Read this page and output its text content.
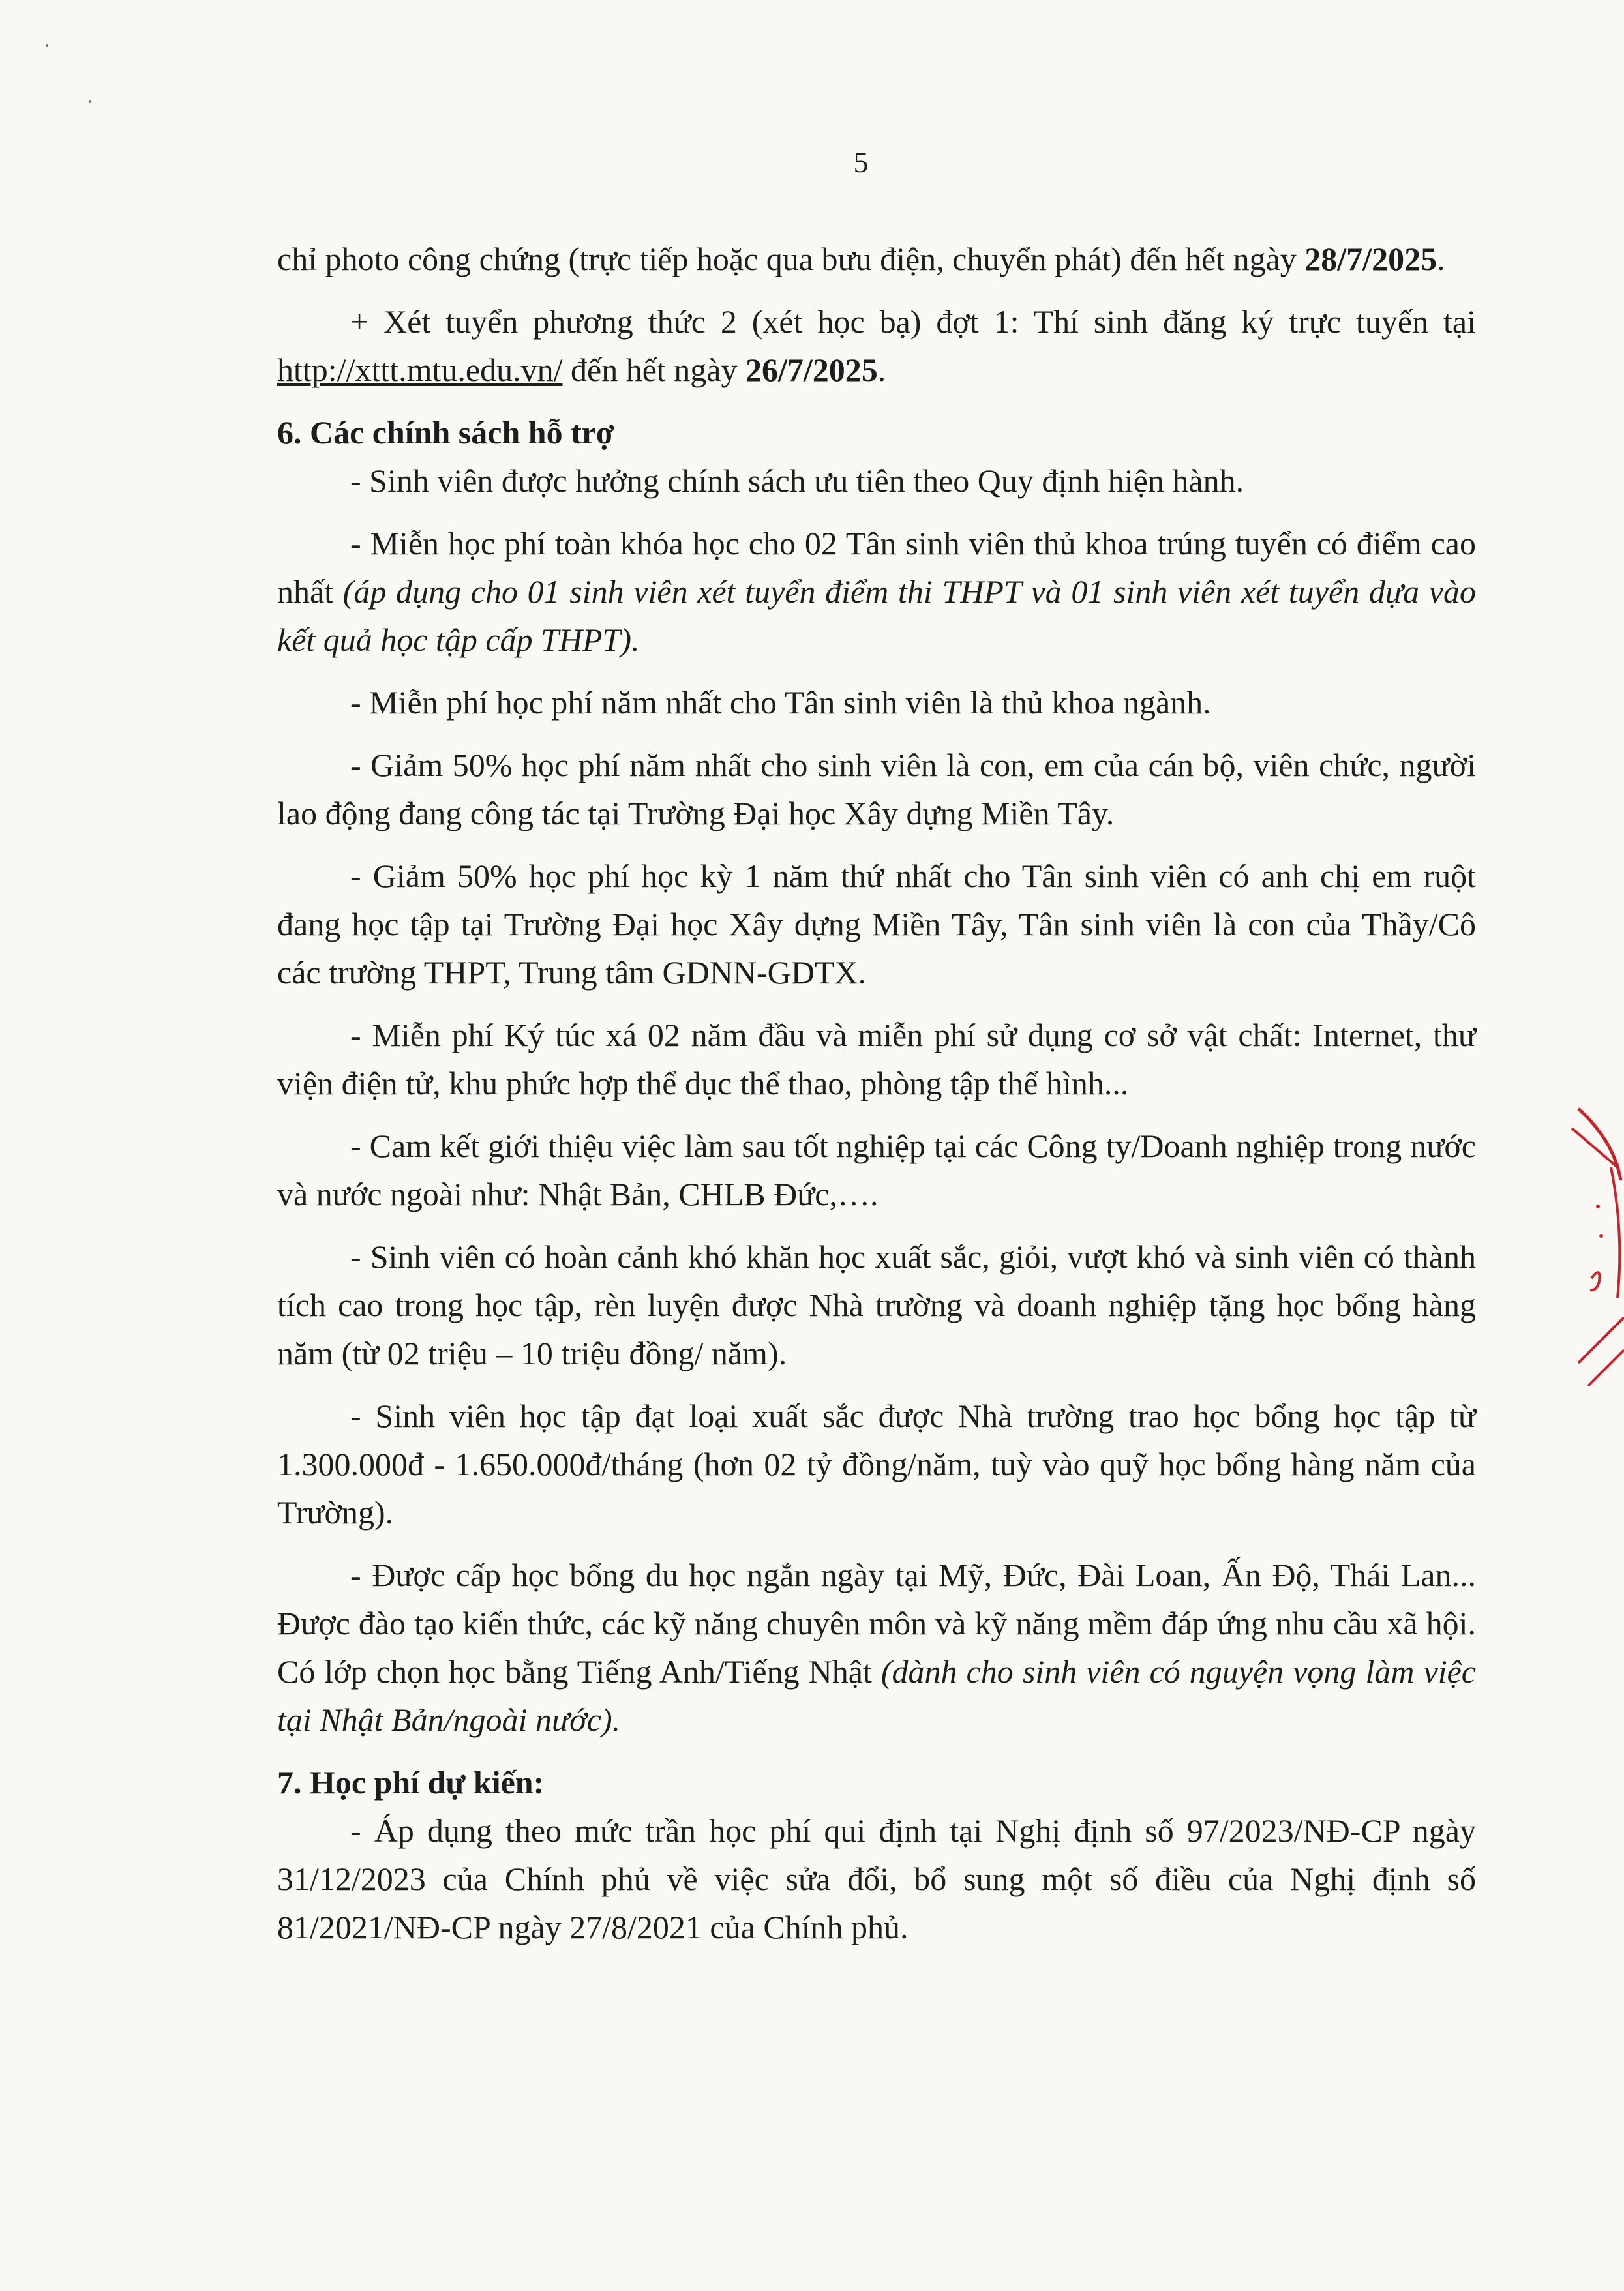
5

chỉ photo công chứng (trực tiếp hoặc qua bưu điện, chuyển phát) đến hết ngày 28/7/2025.

+ Xét tuyển phương thức 2 (xét học bạ) đợt 1: Thí sinh đăng ký trực tuyến tại http://xttt.mtu.edu.vn/ đến hết ngày 26/7/2025.

6. Các chính sách hỗ trợ

- Sinh viên được hưởng chính sách ưu tiên theo Quy định hiện hành.

- Miễn học phí toàn khóa học cho 02 Tân sinh viên thủ khoa trúng tuyển có điểm cao nhất (áp dụng cho 01 sinh viên xét tuyển điểm thi THPT và 01 sinh viên xét tuyển dựa vào kết quả học tập cấp THPT).

- Miễn phí học phí năm nhất cho Tân sinh viên là thủ khoa ngành.

- Giảm 50% học phí năm nhất cho sinh viên là con, em của cán bộ, viên chức, người lao động đang công tác tại Trường Đại học Xây dựng Miền Tây.

- Giảm 50% học phí học kỳ 1 năm thứ nhất cho Tân sinh viên có anh chị em ruột đang học tập tại Trường Đại học Xây dựng Miền Tây, Tân sinh viên là con của Thầy/Cô các trường THPT, Trung tâm GDNN-GDTX.

- Miễn phí Ký túc xá 02 năm đầu và miễn phí sử dụng cơ sở vật chất: Internet, thư viện điện tử, khu phức hợp thể dục thể thao, phòng tập thể hình...

- Cam kết giới thiệu việc làm sau tốt nghiệp tại các Công ty/Doanh nghiệp trong nước và nước ngoài như: Nhật Bản, CHLB Đức,….

- Sinh viên có hoàn cảnh khó khăn học xuất sắc, giỏi, vượt khó và sinh viên có thành tích cao trong học tập, rèn luyện được Nhà trường và doanh nghiệp tặng học bổng hàng năm (từ 02 triệu – 10 triệu đồng/ năm).

- Sinh viên học tập đạt loại xuất sắc được Nhà trường trao học bổng học tập từ 1.300.000đ - 1.650.000đ/tháng (hơn 02 tỷ đồng/năm, tuỳ vào quỹ học bổng hàng năm của Trường).

- Được cấp học bổng du học ngắn ngày tại Mỹ, Đức, Đài Loan, Ấn Độ, Thái Lan... Được đào tạo kiến thức, các kỹ năng chuyên môn và kỹ năng mềm đáp ứng nhu cầu xã hội. Có lớp chọn học bằng Tiếng Anh/Tiếng Nhật (dành cho sinh viên có nguyện vọng làm việc tại Nhật Bản/ngoài nước).

7. Học phí dự kiến:

- Áp dụng theo mức trần học phí qui định tại Nghị định số 97/2023/NĐ-CP ngày 31/12/2023 của Chính phủ về việc sửa đổi, bổ sung một số điều của Nghị định số 81/2021/NĐ-CP ngày 27/8/2021 của Chính phủ.
